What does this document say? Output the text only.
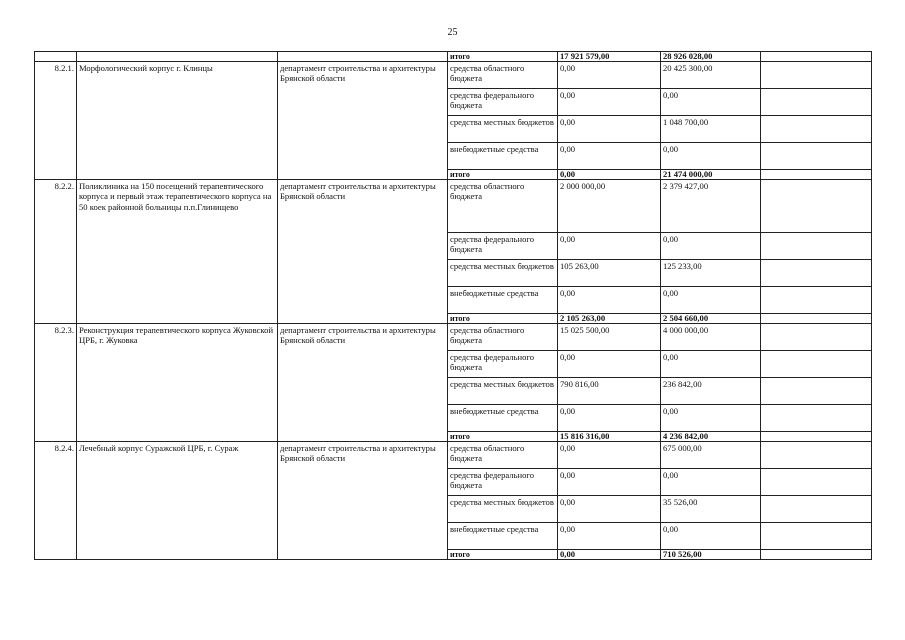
25
			итого	17 921 579,00	28 926 028,00	
8.2.1.	Морфологический корпус г. Клинцы	департамент строительства и архитектуры Брянской области	средства областного бюджета	0,00	20 425 300,00	
			средства федерального бюджета	0,00	0,00	
			средства местных бюджетов	0,00	1 048 700,00	
			внебюджетные средства	0,00	0,00	
			итого	0,00	21 474 000,00	
8.2.2.	Поликлиника на 150 посещений терапевтического корпуса и первый этаж терапевтического корпуса на 50 коек районной больницы п.п.Глинищево	департамент строительства и архитектуры Брянской области	средства областного бюджета	2 000 000,00	2 379 427,00	
			средства федерального бюджета	0,00	0,00	
			средства местных бюджетов	105 263,00	125 233,00	
			внебюджетные средства	0,00	0,00	
			итого	2 105 263,00	2 504 660,00	
8.2.3.	Реконструкция терапевтического корпуса Жуковской ЦРБ, г. Жуковка	департамент строительства и архитектуры Брянской области	средства областного бюджета	15 025 500,00	4 000 000,00	
			средства федерального бюджета	0,00	0,00	
			средства местных бюджетов	790 816,00	236 842,00	
			внебюджетные средства	0,00	0,00	
			итого	15 816 316,00	4 236 842,00	
8.2.4.	Лечебный корпус Суражской ЦРБ, г. Сураж	департамент строительства и архитектуры Брянской области	средства областного бюджета	0,00	675 000,00	
			средства федерального бюджета	0,00	0,00	
			средства местных бюджетов	0,00	35 526,00	
			внебюджетные средства	0,00	0,00	
			итого	0,00	710 526,00	
